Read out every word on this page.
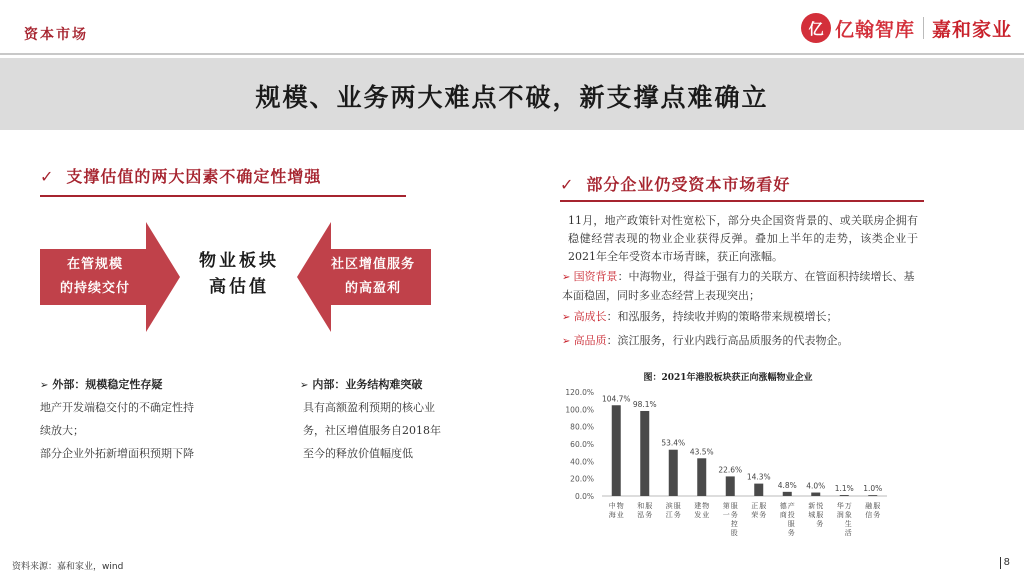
资本市场	亿 亿翰智库 嘉和家业
规模、业务两大难点不破，新支撑点难确立
✓ 支撑估值的两大因素不确定性增强
在管规模
的持续交付
社区增值服务
的高盈利
物业板块
高估值
➢ 外部：规模稳定性存疑
地产开发端稳交付的不确定性持
续放大；
部分企业外拓新增面积预期下降
➢ 内部：业务结构难突破
具有高额盈利预期的核心业
务，社区增值服务自2018年
至今的释放价值幅度低
✓ 部分企业仍受资本市场看好
11月，地产政策针对性宽松下，部分央企国资背景的、或关联房企拥有稳健经营表现的物业企业获得反弹。叠加上半年的走势，该类企业于2021年全年受资本市场青睐，获正向涨幅。
➢ 国资背景：中海物业，得益于强有力的关联方、在管面积持续增长、基本面稳固，同时多业态经营上表现突出；
➢ 高成长：和泓服务，持续收并购的策略带来规模增长；
➢ 高品质：滨江服务，行业内践行高品质服务的代表物企。
图：2021年港股板块获正向涨幅物业企业
120.0%
100.0%
80.0%
60.0%
40.0%
20.0%
0.0%
104.7%
中海物业
98.1%
和泓服务
53.4%
滨江服务
43.5%
建发物业
22.6%
第一服务控股
14.3%
正荣服务
4.8%
德商产投服务
4.0%
新城悦服务
1.1%
华润万象生活
1.0%
融信服务
资料来源：嘉和家业，wind	8
